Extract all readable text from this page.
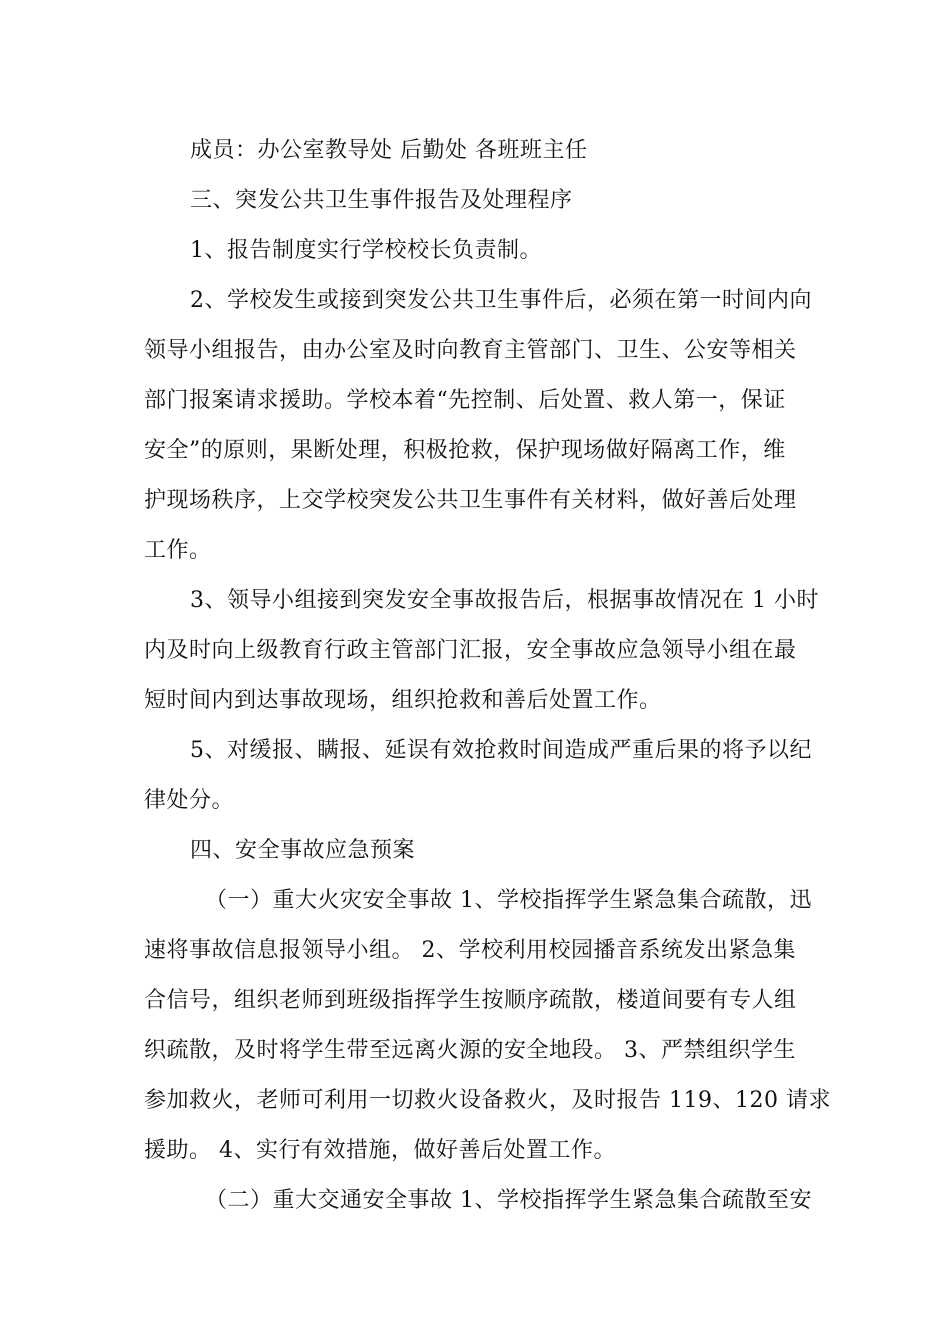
成员：办公室教导处 后勤处 各班班主任
三、突发公共卫生事件报告及处理程序
1、报告制度实行学校校长负责制。
2、学校发生或接到突发公共卫生事件后，必须在第一时间内向
领导小组报告，由办公室及时向教育主管部门、卫生、公安等相关
部门报案请求援助。学校本着“先控制、后处置、救人第一，保证
安全”的原则，果断处理，积极抢救，保护现场做好隔离工作，维
护现场秩序，上交学校突发公共卫生事件有关材料，做好善后处理
工作。
3、领导小组接到突发安全事故报告后，根据事故情况在 1 小时
内及时向上级教育行政主管部门汇报，安全事故应急领导小组在最
短时间内到达事故现场，组织抢救和善后处置工作。
5、对缓报、瞒报、延误有效抢救时间造成严重后果的将予以纪
律处分。
四、安全事故应急预案
（一）重大火灾安全事故 1、学校指挥学生紧急集合疏散，迅
速将事故信息报领导小组。 2、学校利用校园播音系统发出紧急集
合信号，组织老师到班级指挥学生按顺序疏散，楼道间要有专人组
织疏散，及时将学生带至远离火源的安全地段。 3、严禁组织学生
参加救火，老师可利用一切救火设备救火，及时报告 119、120 请求
援助。 4、实行有效措施，做好善后处置工作。
（二）重大交通安全事故 1、学校指挥学生紧急集合疏散至安
